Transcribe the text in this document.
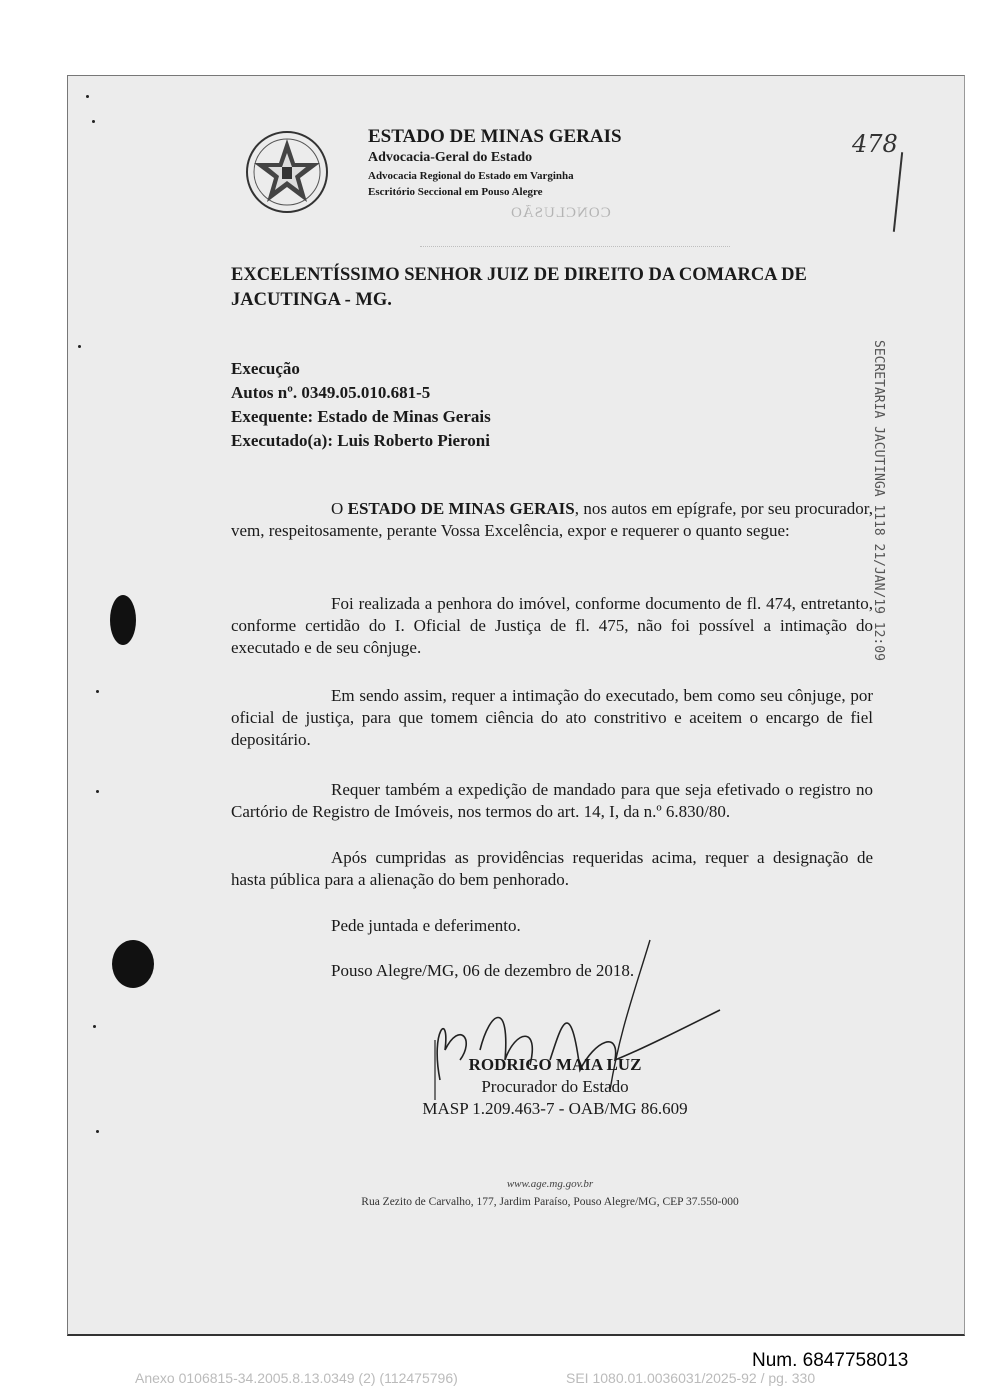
ESTADO DE MINAS GERAIS
Advocacia-Geral do Estado
Advocacia Regional do Estado em Varginha
Escritório Seccional em Pouso Alegre
478
CONCLUSÃO
EXCELENTÍSSIMO SENHOR JUIZ DE DIREITO DA COMARCA DE JACUTINGA - MG.
Execução
Autos nº. 0349.05.010.681-5
Exequente: Estado de Minas Gerais
Executado(a): Luis Roberto Pieroni
O ESTADO DE MINAS GERAIS, nos autos em epígrafe, por seu procurador, vem, respeitosamente, perante Vossa Excelência, expor e requerer o quanto segue:
Foi realizada a penhora do imóvel, conforme documento de fl. 474, entretanto, conforme certidão do I. Oficial de Justiça de fl. 475, não foi possível a intimação do executado e de seu cônjuge.
Em sendo assim, requer a intimação do executado, bem como seu cônjuge, por oficial de justiça, para que tomem ciência do ato constritivo e aceitem o encargo de fiel depositário.
Requer também a expedição de mandado para que seja efetivado o registro no Cartório de Registro de Imóveis, nos termos do art. 14, I, da n.º 6.830/80.
Após cumpridas as providências requeridas acima, requer a designação de hasta pública para a alienação do bem penhorado.
Pede juntada e deferimento.
Pouso Alegre/MG, 06 de dezembro de 2018.
RODRIGO MAIA LUZ
Procurador do Estado
MASP 1.209.463-7 - OAB/MG 86.609
www.age.mg.gov.br
Rua Zezito de Carvalho, 177, Jardim Paraíso, Pouso Alegre/MG, CEP 37.550-000
SECRETARIA JACUTINGA 1118 21/JAN/19 12:09
Num. 6847758013
Anexo 0106815-34.2005.8.13.0349 (2) (112475796)	SEI 1080.01.0036031/2025-92 / pg. 330
